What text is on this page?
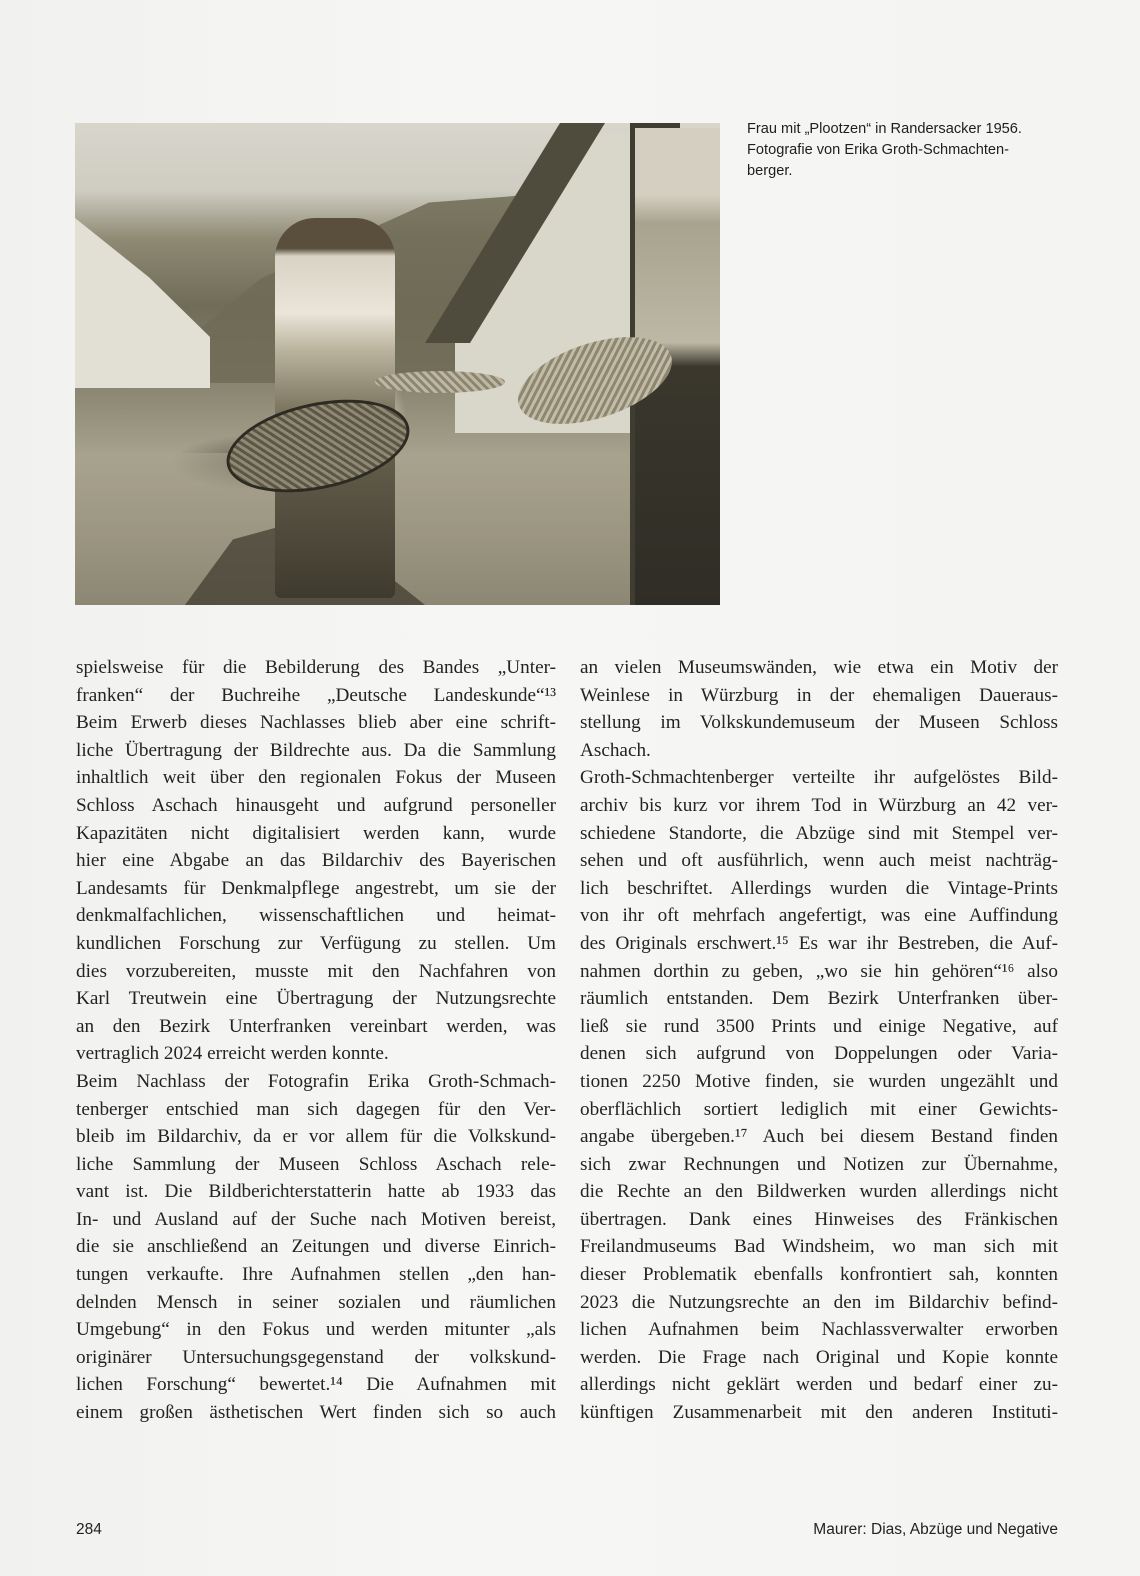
Frau mit „Plootzen“ in Randersacker 1956.
Fotografie von Erika Groth-Schmachten-
berger.
spielsweise für die Bebilderung des Bandes „Unter-
franken“ der Buchreihe „Deutsche Landeskunde“¹³
Beim Erwerb dieses Nachlasses blieb aber eine schrift-
liche Übertragung der Bildrechte aus. Da die Sammlung
inhaltlich weit über den regionalen Fokus der Museen
Schloss Aschach hinausgeht und aufgrund personeller
Kapazitäten nicht digitalisiert werden kann, wurde
hier eine Abgabe an das Bildarchiv des Bayerischen
Landesamts für Denkmalpflege angestrebt, um sie der
denkmalfachlichen, wissenschaftlichen und heimat-
kundlichen Forschung zur Verfügung zu stellen. Um
dies vorzubereiten, musste mit den Nachfahren von
Karl Treutwein eine Übertragung der Nutzungsrechte
an den Bezirk Unterfranken vereinbart werden, was
vertraglich 2024 erreicht werden konnte.
Beim Nachlass der Fotografin Erika Groth-Schmach-
tenberger entschied man sich dagegen für den Ver-
bleib im Bildarchiv, da er vor allem für die Volkskund-
liche Sammlung der Museen Schloss Aschach rele-
vant ist. Die Bildberichterstatterin hatte ab 1933 das
In- und Ausland auf der Suche nach Motiven bereist,
die sie anschließend an Zeitungen und diverse Einrich-
tungen verkaufte. Ihre Aufnahmen stellen „den han-
delnden Mensch in seiner sozialen und räumlichen
Umgebung“ in den Fokus und werden mitunter „als
originärer Untersuchungsgegenstand der volkskund-
lichen Forschung“ bewertet.¹⁴ Die Aufnahmen mit
einem großen ästhetischen Wert finden sich so auch
an vielen Museumswänden, wie etwa ein Motiv der
Weinlese in Würzburg in der ehemaligen Daueraus-
stellung im Volkskundemuseum der Museen Schloss
Aschach.
Groth-Schmachtenberger verteilte ihr aufgelöstes Bild-
archiv bis kurz vor ihrem Tod in Würzburg an 42 ver-
schiedene Standorte, die Abzüge sind mit Stempel ver-
sehen und oft ausführlich, wenn auch meist nachträg-
lich beschriftet. Allerdings wurden die Vintage-Prints
von ihr oft mehrfach angefertigt, was eine Auffindung
des Originals erschwert.¹⁵ Es war ihr Bestreben, die Auf-
nahmen dorthin zu geben, „wo sie hin gehören“¹⁶ also
räumlich entstanden. Dem Bezirk Unterfranken über-
ließ sie rund 3500 Prints und einige Negative, auf
denen sich aufgrund von Doppelungen oder Varia-
tionen 2250 Motive finden, sie wurden ungezählt und
oberflächlich sortiert lediglich mit einer Gewichts-
angabe übergeben.¹⁷ Auch bei diesem Bestand finden
sich zwar Rechnungen und Notizen zur Übernahme,
die Rechte an den Bildwerken wurden allerdings nicht
übertragen. Dank eines Hinweises des Fränkischen
Freilandmuseums Bad Windsheim, wo man sich mit
dieser Problematik ebenfalls konfrontiert sah, konnten
2023 die Nutzungsrechte an den im Bildarchiv befind-
lichen Aufnahmen beim Nachlassverwalter erworben
werden. Die Frage nach Original und Kopie konnte
allerdings nicht geklärt werden und bedarf einer zu-
künftigen Zusammenarbeit mit den anderen Instituti-
284	Maurer: Dias, Abzüge und Negative
